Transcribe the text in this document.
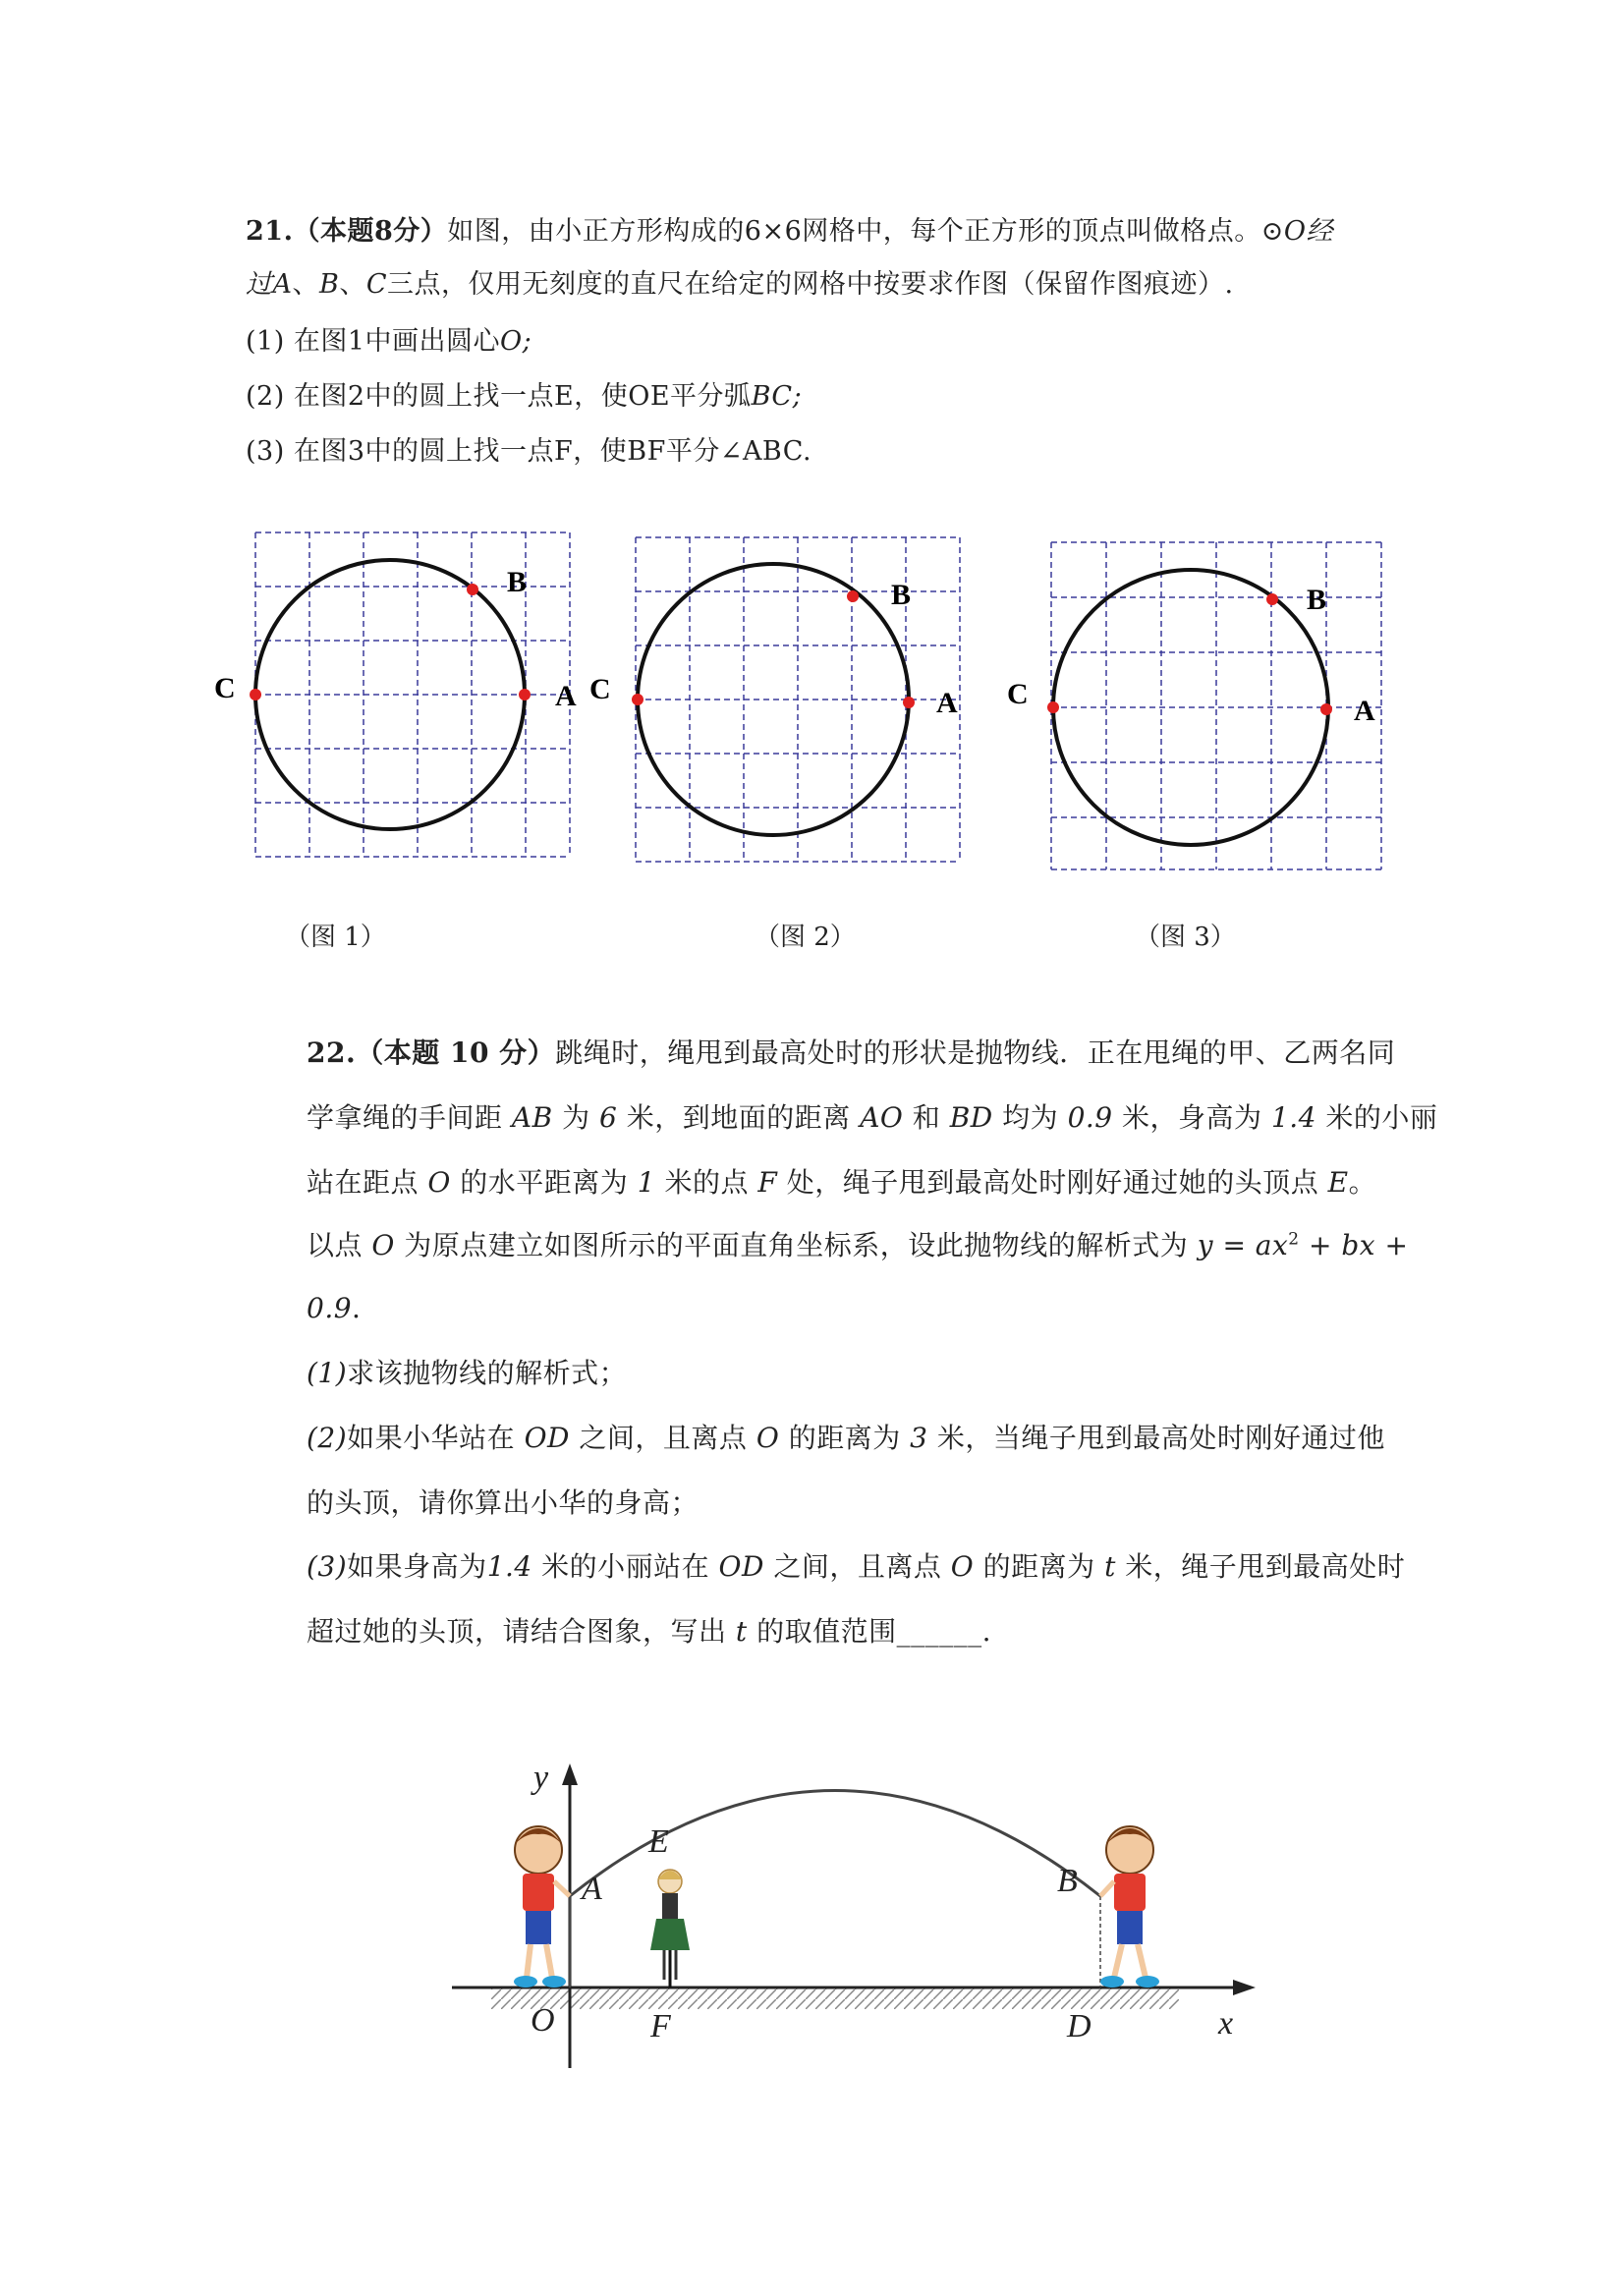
21.（本题8分）如图，由小正方形构成的6×6网格中，每个正方形的顶点叫做格点。⊙O经
过A、B、C三点，仅用无刻度的直尺在给定的网格中按要求作图（保留作图痕迹）.
(1) 在图1中画出圆心O;
(2) 在图2中的圆上找一点E，使OE平分弧BC;
(3) 在图3中的圆上找一点F，使BF平分∠ABC.
C
B
A
（图 1）
C
B
A
（图 2）
C
B
A
（图 3）
22.（本题 10 分）跳绳时，绳甩到最高处时的形状是抛物线．正在甩绳的甲、乙两名同
学拿绳的手间距 AB 为 6 米，到地面的距离 AO 和 BD 均为 0.9 米，身高为 1.4 米的小丽
站在距点 O 的水平距离为 1 米的点 F 处，绳子甩到最高处时刚好通过她的头顶点 E。
以点 O 为原点建立如图所示的平面直角坐标系，设此抛物线的解析式为 $y = ax^2$ + bx +
0.9.
(1)求该抛物线的解析式；
(2)如果小华站在 OD 之间，且离点 O 的距离为 3 米，当绳子甩到最高处时刚好通过他
的头顶，请你算出小华的身高；
(3)如果身高为1.4 米的小丽站在 OD 之间，且离点 O 的距离为 t 米，绳子甩到最高处时
超过她的头顶，请结合图象，写出 t 的取值范围______.
y
A
E
B
O	F	D	x
